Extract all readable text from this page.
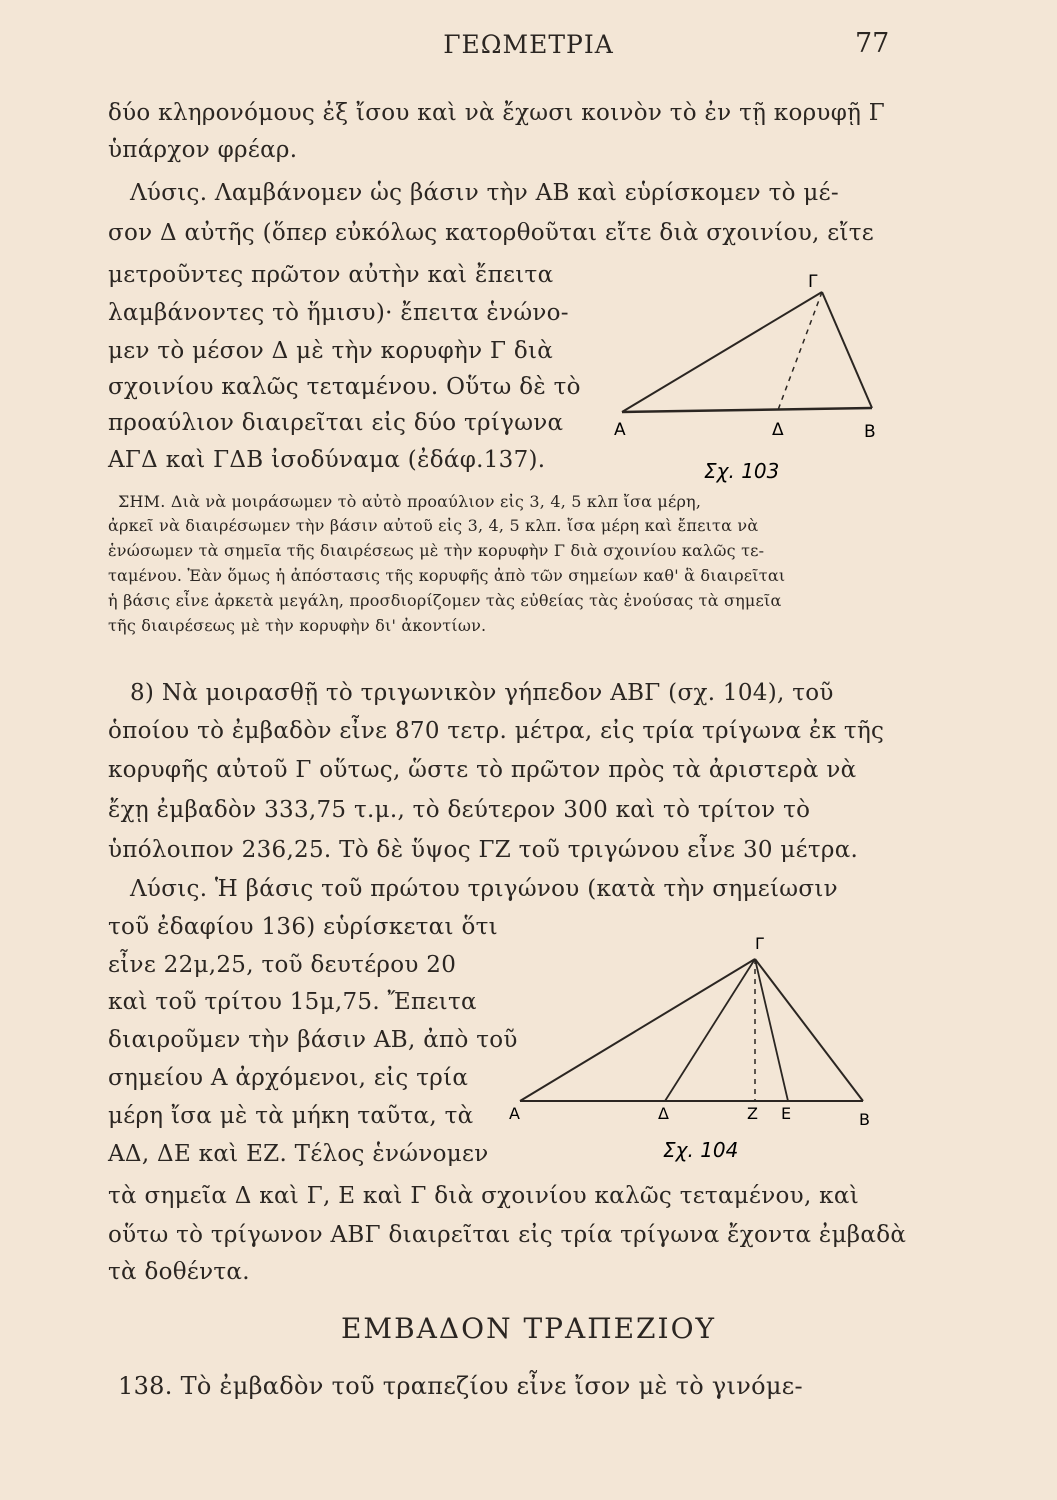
ΓΕΩΜΕΤΡΙΑ	77
δύο κληρονόμους ἐξ ἴσου καὶ νὰ ἔχωσι κοινὸν τὸ ἐν τῇ κορυφῇ Γ
ὑπάρχον φρέαρ.
Λύσις. Λαμβάνομεν ὡς βάσιν τὴν ΑΒ καὶ εὑρίσκομεν τὸ μέ-
σον Δ αὐτῆς (ὅπερ εὐκόλως κατορθοῦται εἴτε διὰ σχοινίου, εἴτε
μετροῦντες πρῶτον αὐτὴν καὶ ἔπειτα
λαμβάνοντες τὸ ἥμισυ)· ἔπειτα ἑνώνο-
μεν τὸ μέσον Δ μὲ τὴν κορυφὴν Γ διὰ
σχοινίου καλῶς τεταμένου. Οὕτω δὲ τὸ
προαύλιον διαιρεῖται εἰς δύο τρίγωνα
ΑΓΔ καὶ ΓΔΒ ἰσοδύναμα (ἐδάφ.137).
Γ
Α	Δ	Β
Σχ. 103
ΣΗΜ. Διὰ νὰ μοιράσωμεν τὸ αὐτὸ προαύλιον εἰς 3, 4, 5 κλπ ἴσα μέρη,
ἀρκεῖ νὰ διαιρέσωμεν τὴν βάσιν αὐτοῦ εἰς 3, 4, 5 κλπ. ἴσα μέρη καὶ ἔπειτα νὰ
ἑνώσωμεν τὰ σημεῖα τῆς διαιρέσεως μὲ τὴν κορυφὴν Γ διὰ σχοινίου καλῶς τε-
ταμένου. Ἐὰν ὅμως ἡ ἀπόστασις τῆς κορυφῆς ἀπὸ τῶν σημείων καθ' ἃ διαιρεῖται
ἡ βάσις εἶνε ἀρκετὰ μεγάλη, προσδιορίζομεν τὰς εὐθείας τὰς ἑνούσας τὰ σημεῖα
τῆς διαιρέσεως μὲ τὴν κορυφὴν δι' ἀκοντίων.
8) Νὰ μοιρασθῇ τὸ τριγωνικὸν γήπεδον ΑΒΓ (σχ. 104), τοῦ
ὁποίου τὸ ἐμβαδὸν εἶνε 870 τετρ. μέτρα, εἰς τρία τρίγωνα ἐκ τῆς
κορυφῆς αὐτοῦ Γ οὕτως, ὥστε τὸ πρῶτον πρὸς τὰ ἀριστερὰ νὰ
ἔχῃ ἐμβαδὸν 333,75 τ.μ., τὸ δεύτερον 300 καὶ τὸ τρίτον τὸ
ὑπόλοιπον 236,25. Τὸ δὲ ὕψος ΓΖ τοῦ τριγώνου εἶνε 30 μέτρα.
Λύσις. Ἡ βάσις τοῦ πρώτου τριγώνου (κατὰ τὴν σημείωσιν
τοῦ ἐδαφίου 136) εὑρίσκεται ὅτι
εἶνε 22μ,25, τοῦ δευτέρου 20
καὶ τοῦ τρίτου 15μ,75. Ἔπειτα
διαιροῦμεν τὴν βάσιν ΑΒ, ἀπὸ τοῦ
σημείου Α ἀρχόμενοι, εἰς τρία
μέρη ἴσα μὲ τὰ μήκη ταῦτα, τὰ
ΑΔ, ΔΕ καὶ ΕΖ. Τέλος ἑνώνομεν
τὰ σημεῖα Δ καὶ Γ, Ε καὶ Γ διὰ σχοινίου καλῶς τεταμένου, καὶ
οὕτω τὸ τρίγωνον ΑΒΓ διαιρεῖται εἰς τρία τρίγωνα ἔχοντα ἐμβαδὰ
τὰ δοθέντα.
Γ
Α	Δ	Ζ Ε	Β
Σχ. 104
ΕΜΒΑΔΟΝ ΤΡΑΠΕΖΙΟΥ
138. Τὸ ἐμβαδὸν τοῦ τραπεζίου εἶνε ἴσον μὲ τὸ γινόμε-
